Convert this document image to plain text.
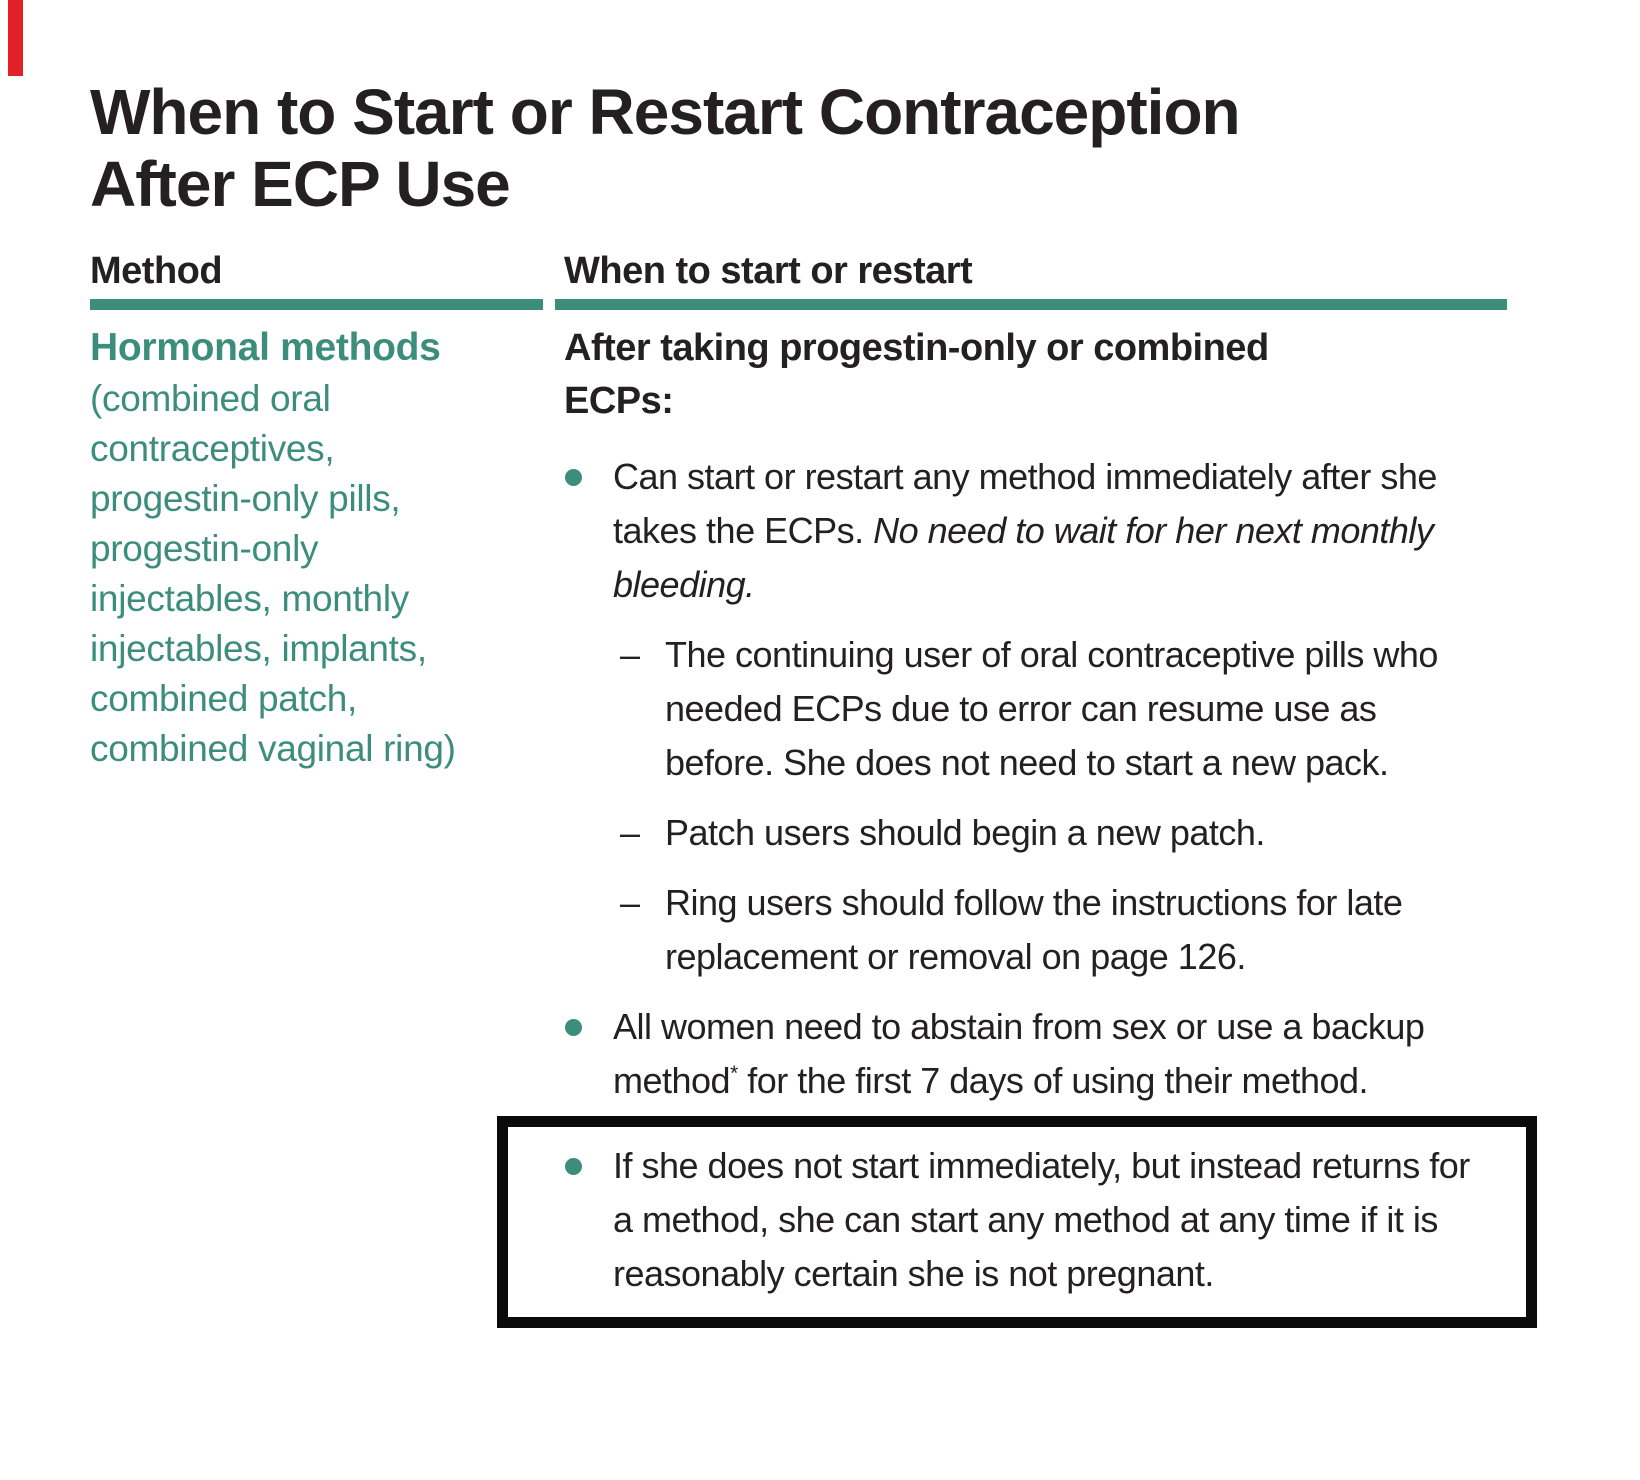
When to Start or Restart Contraception
After ECP Use
Method	When to start or restart
Hormonal methods
(combined oral
contraceptives,
progestin-only pills,
progestin-only
injectables, monthly
injectables, implants,
combined patch,
combined vaginal ring)
After taking progestin-only or combined
ECPs:
Can start or restart any method immediately after she takes the ECPs. No need to wait for her next monthly bleeding.
– The continuing user of oral contraceptive pills who needed ECPs due to error can resume use as before. She does not need to start a new pack.
– Patch users should begin a new patch.
– Ring users should follow the instructions for late replacement or removal on page 126.
All women need to abstain from sex or use a backup method* for the first 7 days of using their method.
If she does not start immediately, but instead returns for a method, she can start any method at any time if it is reasonably certain she is not pregnant.
